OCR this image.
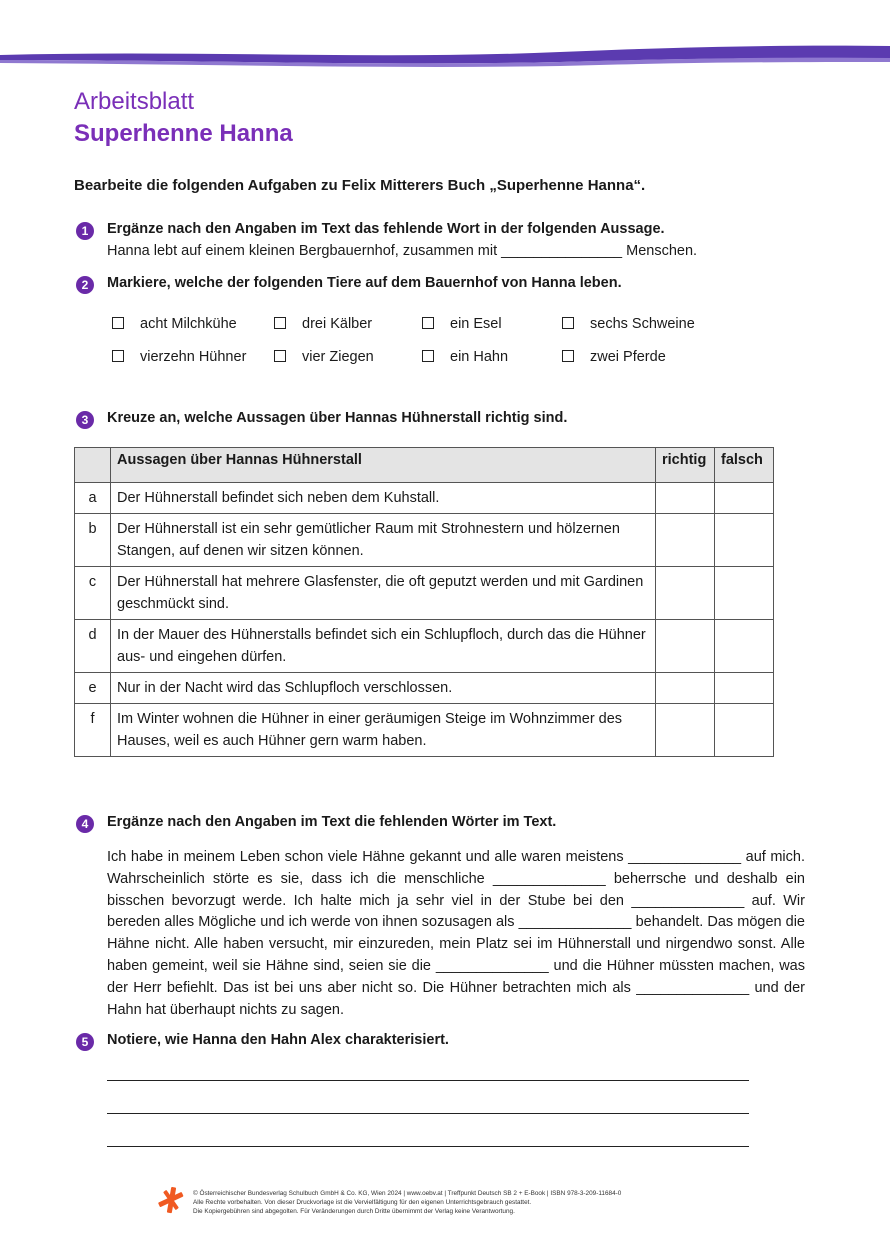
Arbeitsblatt
Superhenne Hanna
Bearbeite die folgenden Aufgaben zu Felix Mitterers Buch „Superhenne Hanna“.
1	Ergänze nach den Angaben im Text das fehlende Wort in der folgenden Aussage.
Hanna lebt auf einem kleinen Bergbauernhof, zusammen mit _______________ Menschen.
2	Markiere, welche der folgenden Tiere auf dem Bauernhof von Hanna leben.
acht Milchkühe	drei Kälber	ein Esel	sechs Schweine
vierzehn Hühner	vier Ziegen	ein Hahn	zwei Pferde
3	Kreuze an, welche Aussagen über Hannas Hühnerstall richtig sind.
	Aussagen über Hannas Hühnerstall	richtig	falsch
a	Der Hühnerstall befindet sich neben dem Kuhstall.		
b	Der Hühnerstall ist ein sehr gemütlicher Raum mit Strohnestern und hölzernen Stangen, auf denen wir sitzen können.		
c	Der Hühnerstall hat mehrere Glasfenster, die oft geputzt werden und mit Gardinen geschmückt sind.		
d	In der Mauer des Hühnerstalls befindet sich ein Schlupfloch, durch das die Hühner aus- und eingehen dürfen.		
e	Nur in der Nacht wird das Schlupfloch verschlossen.		
f	Im Winter wohnen die Hühner in einer geräumigen Steige im Wohnzimmer des Hauses, weil es auch Hühner gern warm haben.		
4	Ergänze nach den Angaben im Text die fehlenden Wörter im Text.
Ich habe in meinem Leben schon viele Hähne gekannt und alle waren meistens ______________ auf mich. Wahrscheinlich störte es sie, dass ich die menschliche ______________ beherrsche und deshalb ein bisschen bevorzugt werde. Ich halte mich ja sehr viel in der Stube bei den ______________ auf. Wir bereden alles Mögliche und ich werde von ihnen sozusagen als ______________ behandelt. Das mögen die Hähne nicht. Alle haben versucht, mir einzureden, mein Platz sei im Hühnerstall und nirgendwo sonst. Alle haben gemeint, weil sie Hähne sind, seien sie die ______________ und die Hühner müssten machen, was der Herr befiehlt. Das ist bei uns aber nicht so. Die Hühner betrachten mich als ______________ und der Hahn hat überhaupt nichts zu sagen.
5	Notiere, wie Hanna den Hahn Alex charakterisiert.
© Österreichischer Bundesverlag Schulbuch GmbH & Co. KG, Wien 2024 | www.oebv.at | Treffpunkt Deutsch SB 2 + E-Book | ISBN 978-3-209-11684-0
Alle Rechte vorbehalten. Von dieser Druckvorlage ist die Vervielfältigung für den eigenen Unterrichtsgebrauch gestattet.
Die Kopiergebühren sind abgegolten. Für Veränderungen durch Dritte übernimmt der Verlag keine Verantwortung.
